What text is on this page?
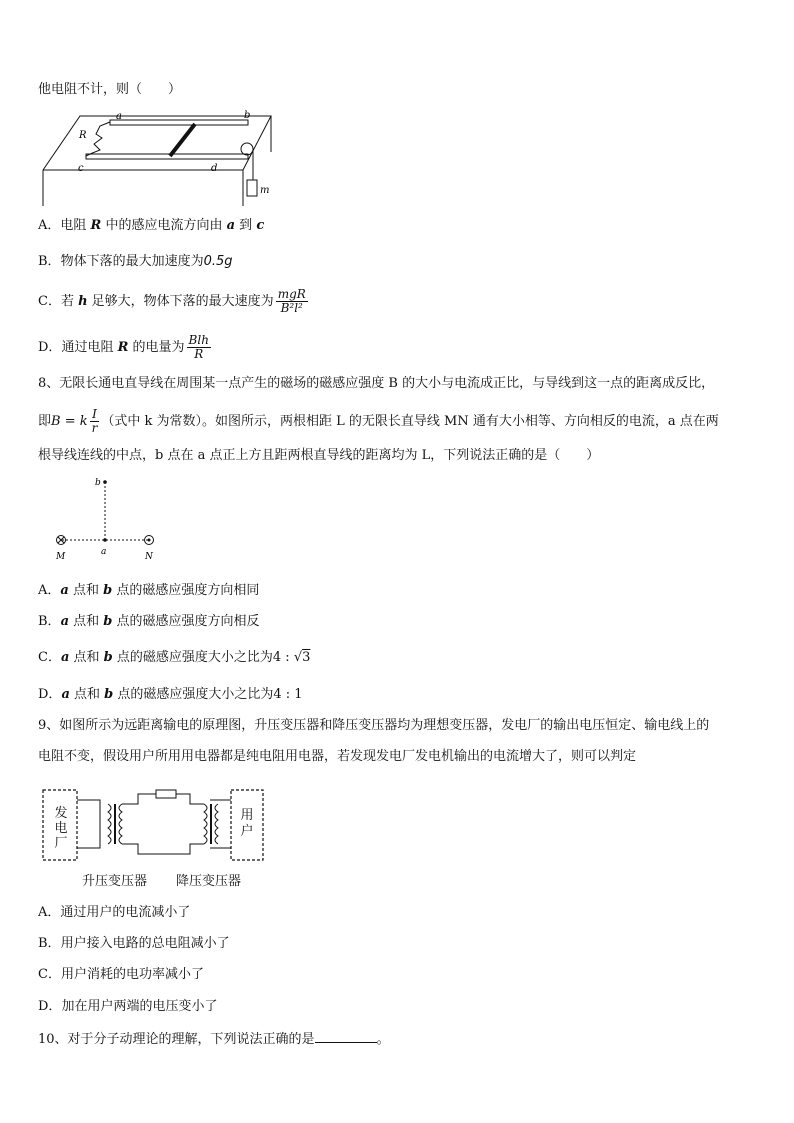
他电阻不计，则（　　）
a	b
R
c	d
m
A．电阻 R 中的感应电流方向由 a 到 c
B．物体下落的最大加速度为0.5g
C．若 h 足够大，物体下落的最大速度为 $\frac{\text{mgR}}{\text{B²l²}}$
D．通过电阻 R 的电量为 $\frac{\text{Blh}}{R}$
8、无限长通电直导线在周围某一点产生的磁场的磁感应强度 B 的大小与电流成正比，与导线到这一点的距离成反比，
即B = k $\frac{I}{r}$ （式中 k 为常数）。如图所示，两根相距 L 的无限长直导线 MN 通有大小相等、方向相反的电流，a 点在两
根导线连线的中点，b 点在 a 点正上方且距两根直导线的距离均为 L，下列说法正确的是（　　）
b
a
M	N
A．a 点和 b 点的磁感应强度方向相同
B．a 点和 b 点的磁感应强度方向相反
C．a 点和 b 点的磁感应强度大小之比为4 : √3
D．a 点和 b 点的磁感应强度大小之比为4 : 1
9、如图所示为远距离输电的原理图，升压变压器和降压变压器均为理想变压器，发电厂的输出电压恒定、输电线上的
电阻不变，假设用户所用用电器都是纯电阻用电器，若发现发电厂发电机输出的电流增大了，则可以判定
发
电
厂
用
户
升压变压器 降压变压器
A．通过用户的电流减小了
B．用户接入电路的总电阻减小了
C．用户消耗的电功率减小了
D．加在用户两端的电压变小了
10、对于分子动理论的理解，下列说法正确的是	。
